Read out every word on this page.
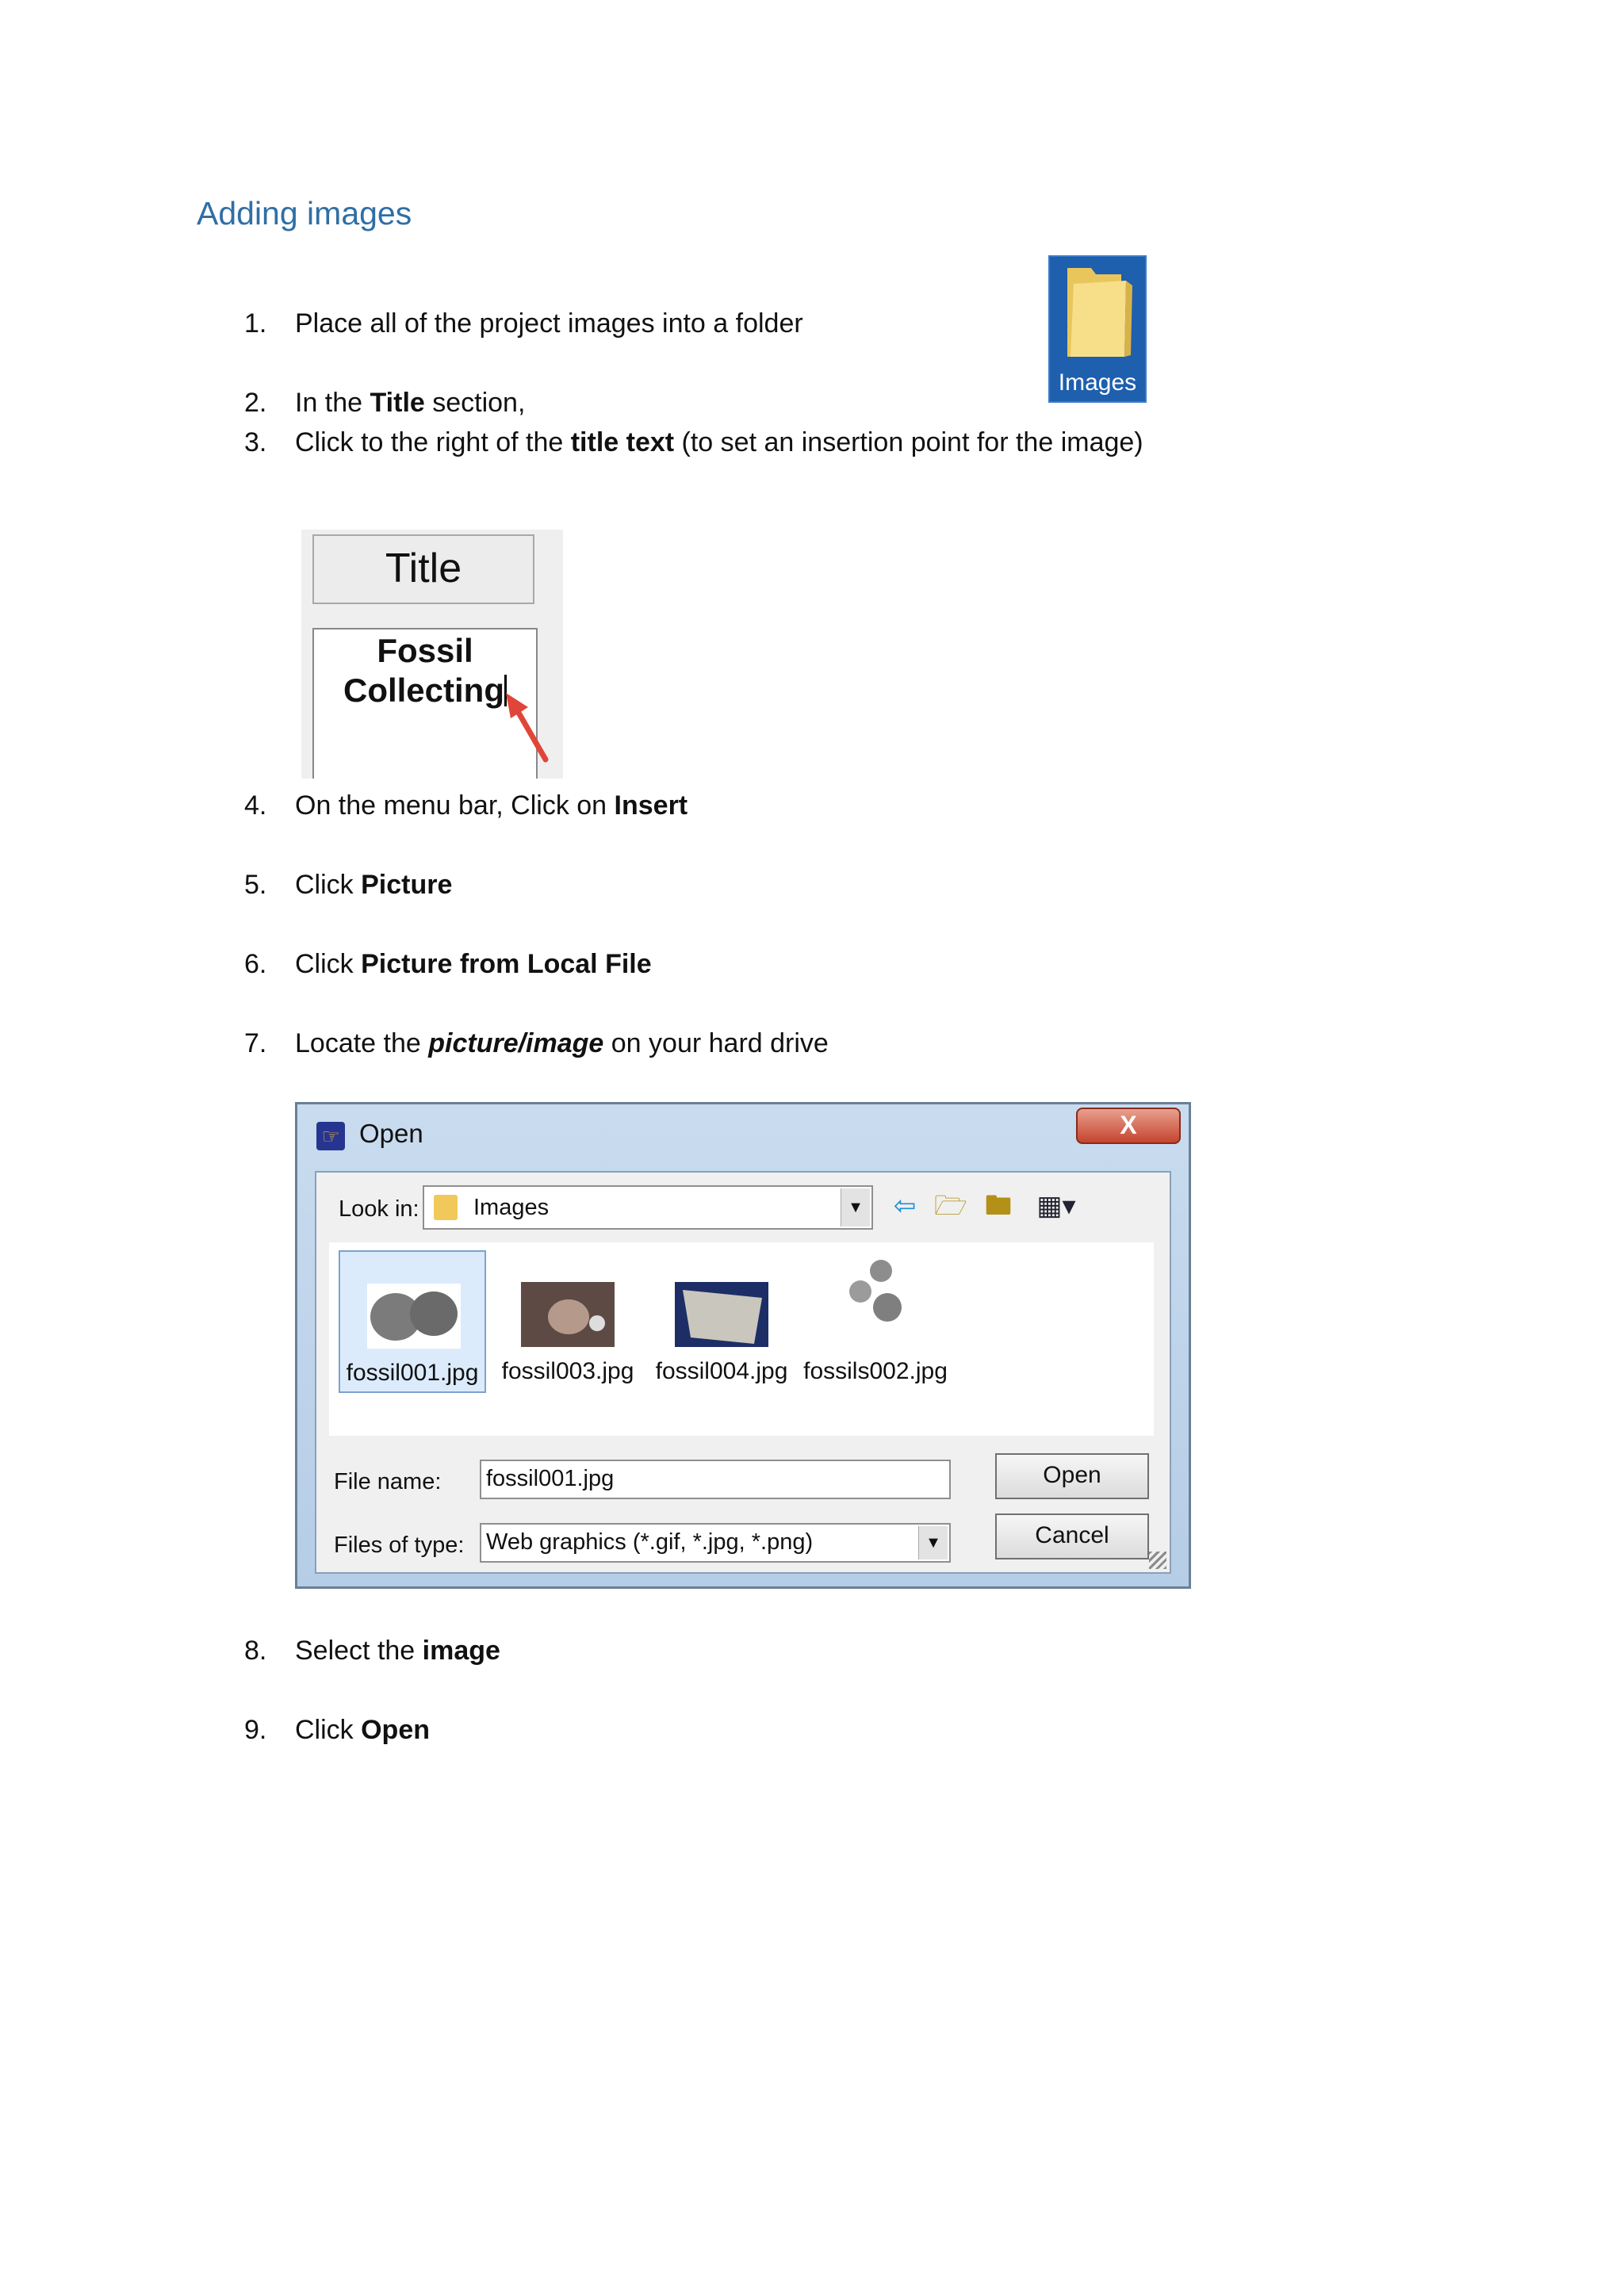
Adding images
1.	Place all of the project images into a folder
Images
2.	In the Title section,
3.	Click to the right of the title text (to set an insertion point for the image)
Title
Fossil
Collecting
4.	On the menu bar, Click on Insert
5.	Click Picture
6.	Click Picture from Local File
7.	Locate the picture/image on your hard drive
☞ Open	X
Look in: Images	▼ ⇦ 🗁 🖿 ▦▾
fossil001.jpg fossil003.jpg fossil004.jpg fossils002.jpg
File name: fossil001.jpg	Open
Files of type: Web graphics (*.gif, *.jpg, *.png)	▼	Cancel
8.	Select the image
9.	Click Open
